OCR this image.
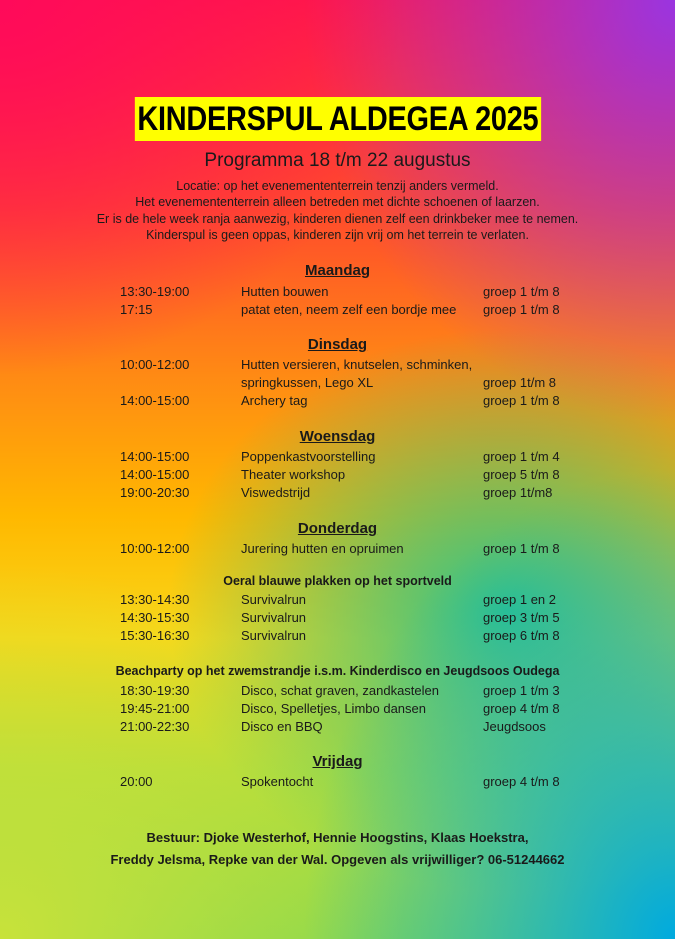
KINDERSPUL ALDEGEA 2025
Programma 18 t/m 22 augustus
Locatie: op het evenemententerrein tenzij anders vermeld.
Het evenemententerrein alleen betreden met dichte schoenen of laarzen.
Er is de hele week ranja aanwezig, kinderen dienen zelf een drinkbeker mee te nemen.
Kinderspul is geen oppas, kinderen zijn vrij om het terrein te verlaten.
Maandag
13:30-19:00	Hutten bouwen	groep 1 t/m 8
17:15	patat eten, neem zelf een bordje mee groep 1 t/m 8
Dinsdag
10:00-12:00	Hutten versieren, knutselen, schminken,
springkussen, Lego XL	groep 1t/m 8
14:00-15:00	Archery tag	groep 1 t/m 8
Woensdag
14:00-15:00	Poppenkastvoorstelling	groep 1 t/m 4
14:00-15:00	Theater workshop	groep 5 t/m 8
19:00-20:30	Viswedstrijd	groep 1t/m8
Donderdag
10:00-12:00	Jurering hutten en opruimen	groep 1 t/m 8
Oeral blauwe plakken op het sportveld
13:30-14:30	Survivalrun	groep 1 en 2
14:30-15:30	Survivalrun	groep 3 t/m 5
15:30-16:30	Survivalrun	groep 6 t/m 8
Beachparty op het zwemstrandje i.s.m. Kinderdisco en Jeugdsoos Oudega
18:30-19:30	Disco, schat graven, zandkastelen	groep 1 t/m 3
19:45-21:00	Disco, Spelletjes, Limbo dansen	groep 4 t/m 8
21:00-22:30	Disco en BBQ	Jeugdsoos
Vrijdag
20:00	Spokentocht	groep 4 t/m 8
Bestuur: Djoke Westerhof, Hennie Hoogstins, Klaas Hoekstra,
Freddy Jelsma, Repke van der Wal. Opgeven als vrijwilliger? 06-51244662
